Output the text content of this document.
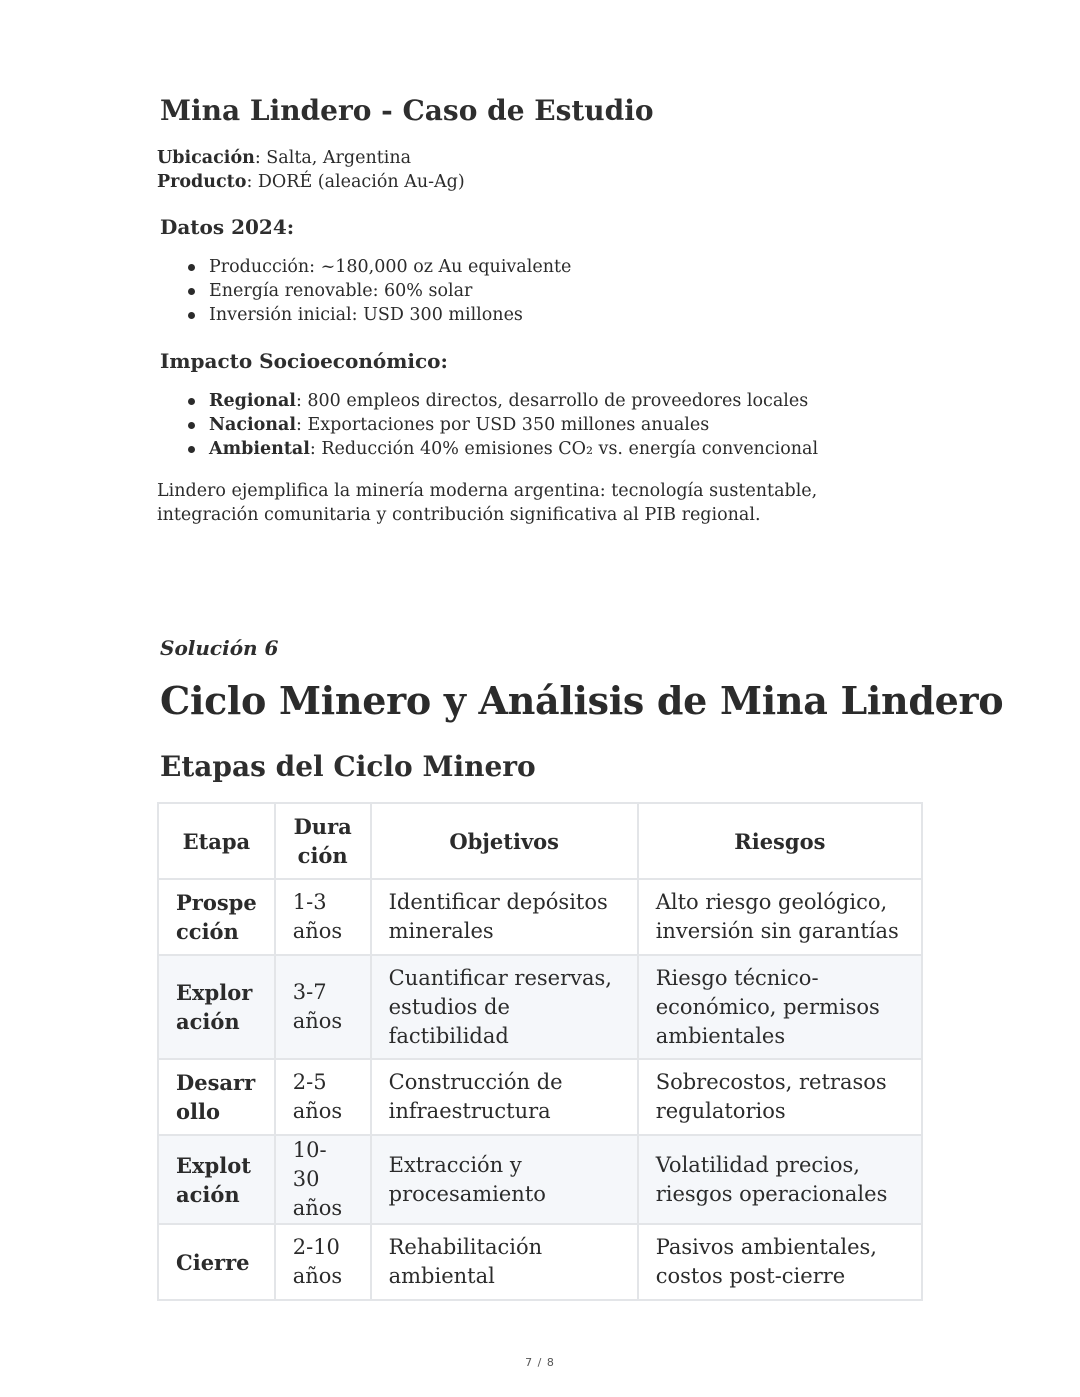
Mina Lindero - Caso de Estudio
Ubicación: Salta, Argentina
Producto: DORÉ (aleación Au-Ag)
Datos 2024:
Producción: ~180,000 oz Au equivalente
Energía renovable: 60% solar
Inversión inicial: USD 300 millones
Impacto Socioeconómico:
Regional: 800 empleos directos, desarrollo de proveedores locales
Nacional: Exportaciones por USD 350 millones anuales
Ambiental: Reducción 40% emisiones CO₂ vs. energía convencional
Lindero ejemplifica la minería moderna argentina: tecnología sustentable, integración comunitaria y contribución significativa al PIB regional.
Solución 6
Ciclo Minero y Análisis de Mina Lindero
Etapas del Ciclo Minero
Etapa	Dura ción	Objetivos	Riesgos
Prospe cción	1-3 años	Identificar depósitos minerales	Alto riesgo geológico, inversión sin garantías
Explor ación	3-7 años	Cuantificar reservas, estudios de factibilidad	Riesgo técnico-económico, permisos ambientales
Desarr ollo	2-5 años	Construcción de infraestructura	Sobrecostos, retrasos regulatorios
Explot ación	10-30 años	Extracción y procesamiento	Volatilidad precios, riesgos operacionales
Cierre	2-10 años	Rehabilitación ambiental	Pasivos ambientales, costos post-cierre
7 / 8
